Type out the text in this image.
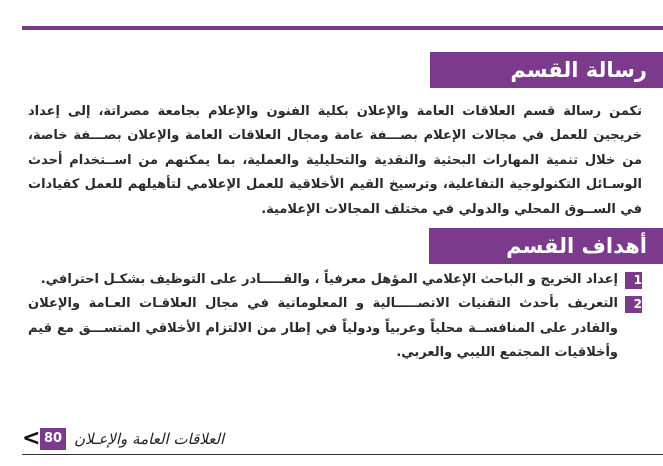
رسالة القسم

تكمن رسالة قسم العلاقات العامة والإعلان بكلية الفنون والإعلام بجامعة مصراتة، إلى إعداد خريجين للعمل في مجالات الإعلام بصـــفة عامة ومجال العلاقات العامة والإعلان بصـــفة خاصة، من خلال تنمية المهارات البحثية والنقدية والتحليلية والعملية، بما يمكنهم من اســتخدام أحدث الوسـائل التكنولوجية التفاعلية، وترسيخ القيم الأخلاقية للعمل الإعلامي لتأهيلهم للعمل كقيادات في الســوق المحلي والدولي في مختلف المجالات الإعلامية.

أهداف القسم
1
إعداد الخريج و الباحث الإعلامي المؤهل معرفياً ، والقـــــادر على التوظيف بشكـل احترافي.
2
التعريف بأحدث التقنيات الاتصـــــالية و المعلوماتية في مجال العلاقـات العـامة والإعلان والقادر على المنافســة محلياً وعربياً ودولياً في إطار من الالتزام الأخلاقي المتســـق مع قيم وأخلاقيات المجتمع الليبي والعربي.
< 80 العلاقات العامة والإعـلان
